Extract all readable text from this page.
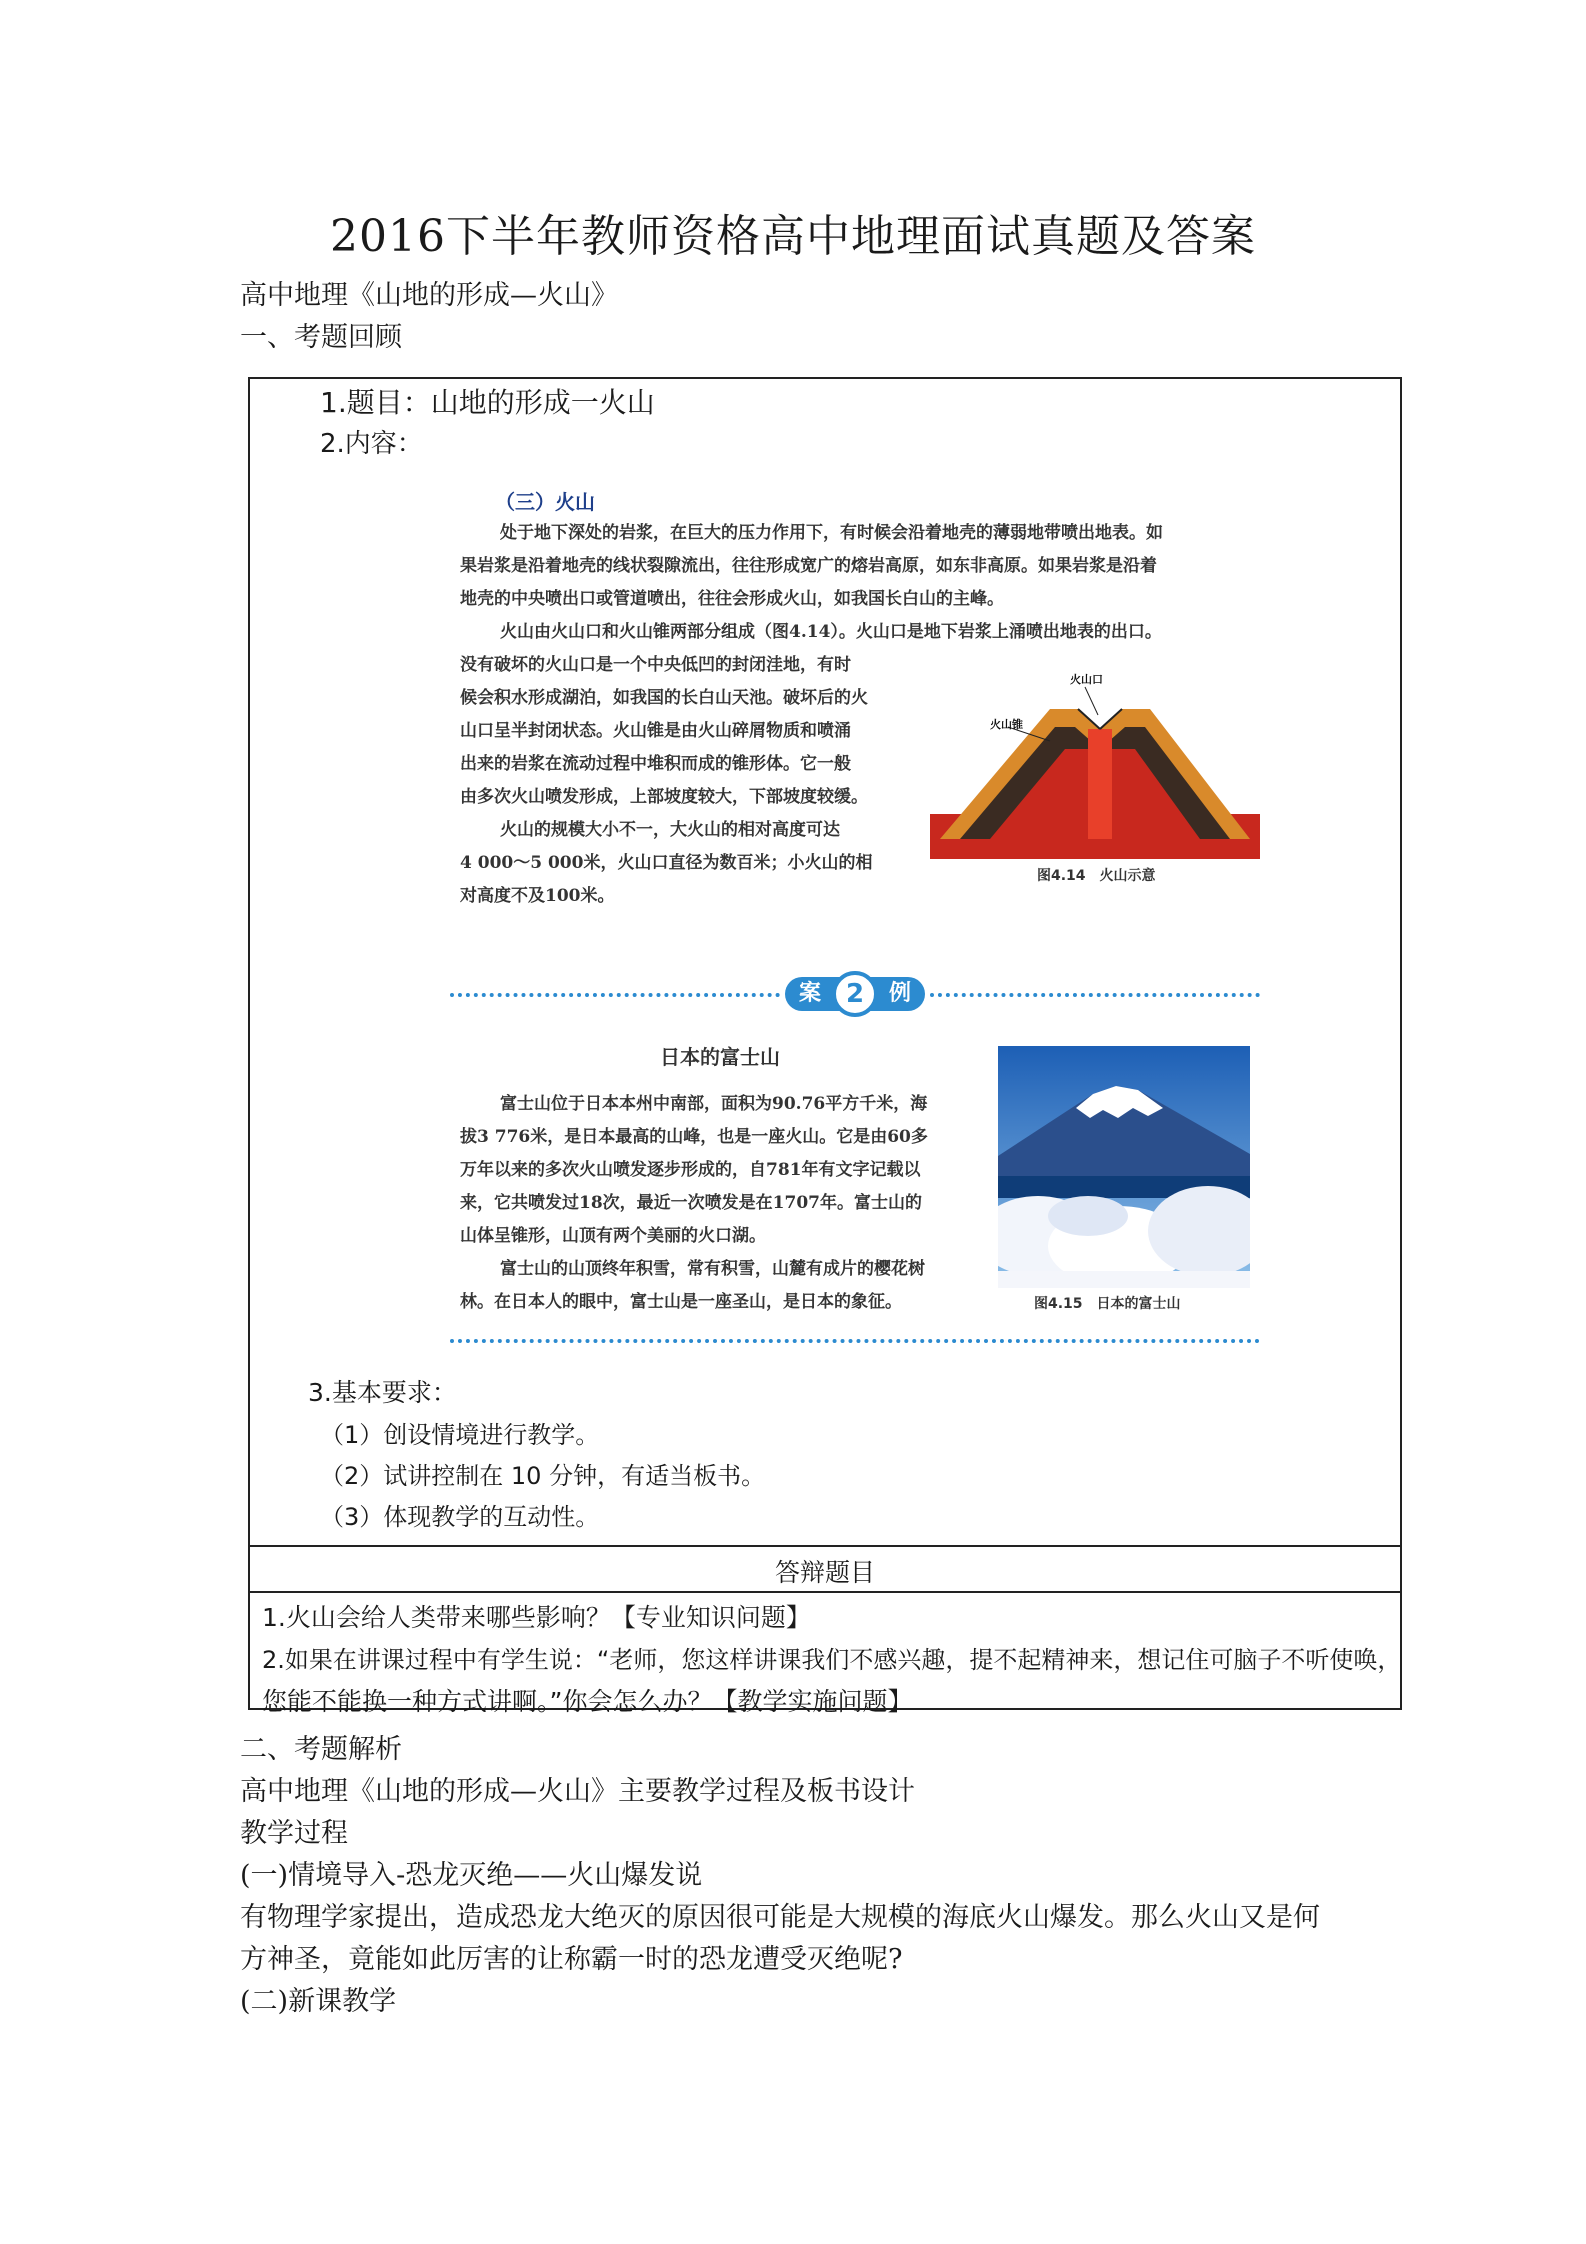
2016下半年教师资格高中地理面试真题及答案

高中地理《山地的形成—火山》

一、考题回顾

1.题目：山地的形成一火山
2.内容：
（三）火山
处于地下深处的岩浆，在巨大的压力作用下，有时候会沿着地壳的薄弱地带喷出地表。如
果岩浆是沿着地壳的线状裂隙流出，往往形成宽广的熔岩高原，如东非高原。如果岩浆是沿着
地壳的中央喷出口或管道喷出，往往会形成火山，如我国长白山的主峰。
火山由火山口和火山锥两部分组成（图4.14）。火山口是地下岩浆上涌喷出地表的出口。
没有破坏的火山口是一个中央低凹的封闭洼地，有时
候会积水形成湖泊，如我国的长白山天池。破坏后的火
山口呈半封闭状态。火山锥是由火山碎屑物质和喷涌
出来的岩浆在流动过程中堆积而成的锥形体。它一般
由多次火山喷发形成，上部坡度较大，下部坡度较缓。
火山的规模大小不一，大火山的相对高度可达
4 000～5 000米，火山口直径为数百米；小火山的相
对高度不及100米。
火山口
火山锥
图4.14　火山示意
案	例
2
日本的富士山
富士山位于日本本州中南部，面积为90.76平方千米，海
拔3 776米，是日本最高的山峰，也是一座火山。它是由60多
万年以来的多次火山喷发逐步形成的，自781年有文字记载以
来，它共喷发过18次，最近一次喷发是在1707年。富士山的
山体呈锥形，山顶有两个美丽的火口湖。
富士山的山顶终年积雪，常有积雪，山麓有成片的樱花树
林。在日本人的眼中，富士山是一座圣山，是日本的象征。	图4.15　日本的富士山
3.基本要求：
（1）创设情境进行教学。
（2）试讲控制在 10 分钟，有适当板书。
（3）体现教学的互动性。
答辩题目
1.火山会给人类带来哪些影响？【专业知识问题】
2.如果在讲课过程中有学生说：“老师，您这样讲课我们不感兴趣，提不起精神来，想记住可脑子不听使唤，
您能不能换一种方式讲啊。”你会怎么办？【教学实施问题】

二、考题解析

高中地理《山地的形成—火山》主要教学过程及板书设计

教学过程

(一)情境导入-恐龙灭绝——火山爆发说

有物理学家提出，造成恐龙大绝灭的原因很可能是大规模的海底火山爆发。那么火山又是何

方神圣，竟能如此厉害的让称霸一时的恐龙遭受灭绝呢?

(二)新课教学
